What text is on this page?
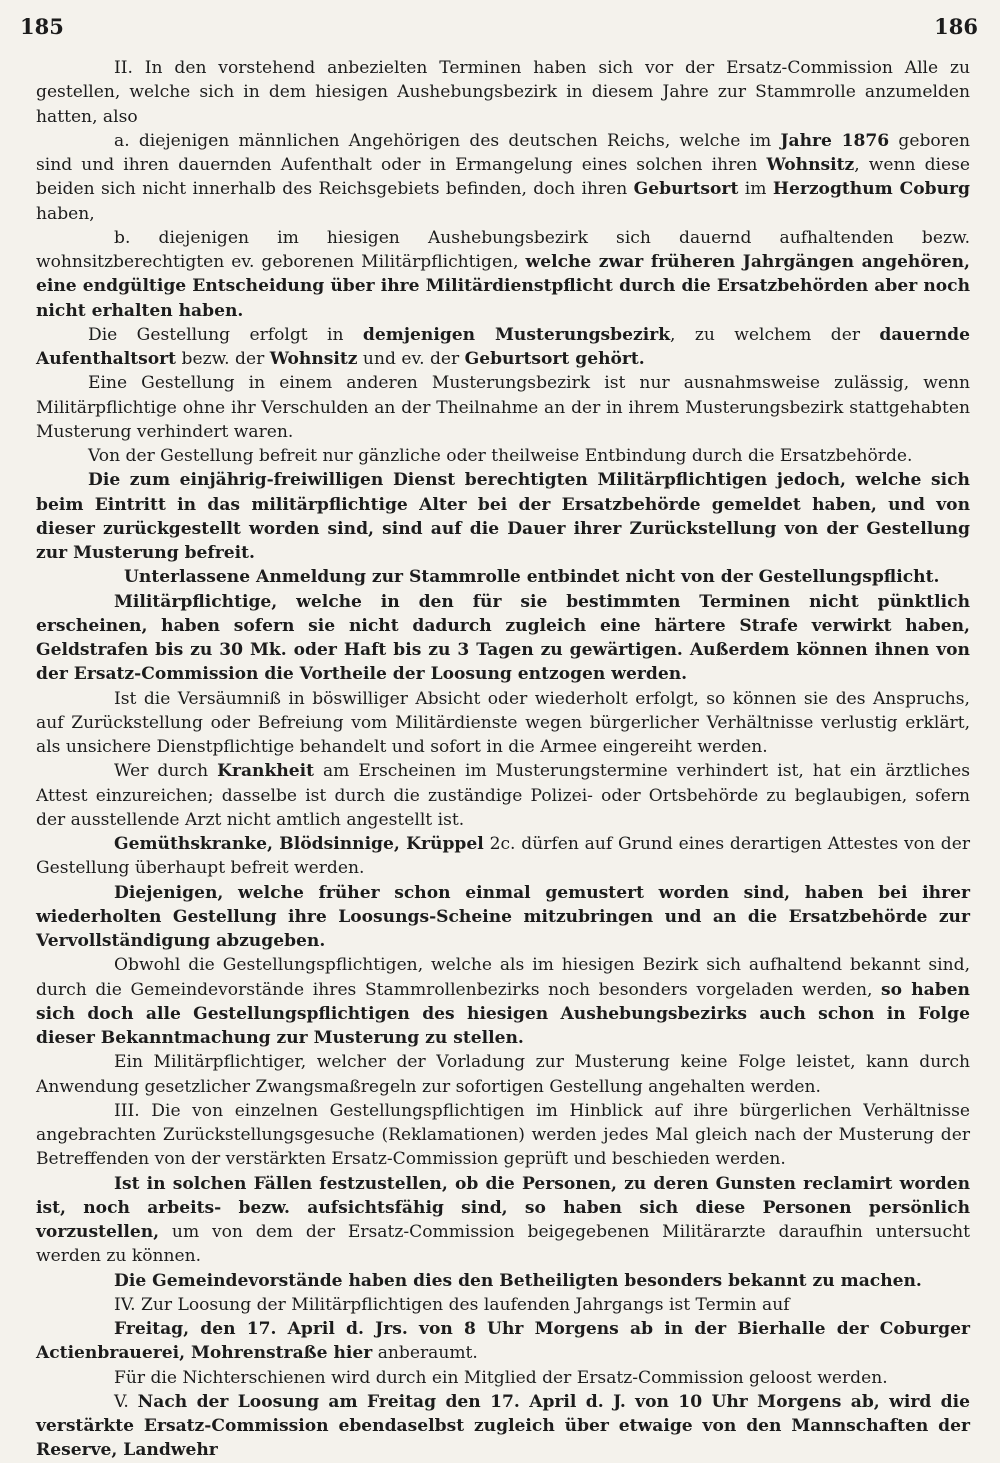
185	186

II. In den vorstehend anbezielten Terminen haben sich vor der Ersatz-Commission Alle zu gestellen, welche sich in dem hiesigen Aushebungsbezirk in diesem Jahre zur Stammrolle anzumelden hatten, also

a. diejenigen männlichen Angehörigen des deutschen Reichs, welche im Jahre 1876 geboren sind und ihren dauernden Aufenthalt oder in Ermangelung eines solchen ihren Wohnsitz, wenn diese beiden sich nicht innerhalb des Reichsgebiets befinden, doch ihren Geburtsort im Herzogthum Coburg haben,

b. diejenigen im hiesigen Aushebungsbezirk sich dauernd aufhaltenden bezw. wohnsitzberechtigten ev. geborenen Militärpflichtigen, welche zwar früheren Jahrgängen angehören, eine endgültige Entscheidung über ihre Militärdienstpflicht durch die Ersatzbehörden aber noch nicht erhalten haben.

Die Gestellung erfolgt in demjenigen Musterungsbezirk, zu welchem der dauernde Aufenthaltsort bezw. der Wohnsitz und ev. der Geburtsort gehört.

Eine Gestellung in einem anderen Musterungsbezirk ist nur ausnahmsweise zulässig, wenn Militärpflichtige ohne ihr Verschulden an der Theilnahme an der in ihrem Musterungsbezirk stattgehabten Musterung verhindert waren.

Von der Gestellung befreit nur gänzliche oder theilweise Entbindung durch die Ersatzbehörde.

Die zum einjährig-freiwilligen Dienst berechtigten Militärpflichtigen jedoch, welche sich beim Eintritt in das militärpflichtige Alter bei der Ersatzbehörde gemeldet haben, und von dieser zurückgestellt worden sind, sind auf die Dauer ihrer Zurückstellung von der Gestellung zur Musterung befreit.

Unterlassene Anmeldung zur Stammrolle entbindet nicht von der Gestellungspflicht.

Militärpflichtige, welche in den für sie bestimmten Terminen nicht pünktlich erscheinen, haben sofern sie nicht dadurch zugleich eine härtere Strafe verwirkt haben, Geldstrafen bis zu 30 Mk. oder Haft bis zu 3 Tagen zu gewärtigen. Außerdem können ihnen von der Ersatz-Commission die Vortheile der Loosung entzogen werden.

Ist die Versäumniß in böswilliger Absicht oder wiederholt erfolgt, so können sie des Anspruchs, auf Zurückstellung oder Befreiung vom Militärdienste wegen bürgerlicher Verhältnisse verlustig erklärt, als unsichere Dienstpflichtige behandelt und sofort in die Armee eingereiht werden.

Wer durch Krankheit am Erscheinen im Musterungstermine verhindert ist, hat ein ärztliches Attest einzureichen; dasselbe ist durch die zuständige Polizei- oder Ortsbehörde zu beglaubigen, sofern der ausstellende Arzt nicht amtlich angestellt ist.

Gemüthskranke, Blödsinnige, Krüppel 2c. dürfen auf Grund eines derartigen Attestes von der Gestellung überhaupt befreit werden.

Diejenigen, welche früher schon einmal gemustert worden sind, haben bei ihrer wiederholten Gestellung ihre Loosungs-Scheine mitzubringen und an die Ersatzbehörde zur Vervollständigung abzugeben.

Obwohl die Gestellungspflichtigen, welche als im hiesigen Bezirk sich aufhaltend bekannt sind, durch die Gemeindevorstände ihres Stammrollenbezirks noch besonders vorgeladen werden, so haben sich doch alle Gestellungspflichtigen des hiesigen Aushebungsbezirks auch schon in Folge dieser Bekanntmachung zur Musterung zu stellen.

Ein Militärpflichtiger, welcher der Vorladung zur Musterung keine Folge leistet, kann durch Anwendung gesetzlicher Zwangsmaßregeln zur sofortigen Gestellung angehalten werden.

III. Die von einzelnen Gestellungspflichtigen im Hinblick auf ihre bürgerlichen Verhältnisse angebrachten Zurückstellungsgesuche (Reklamationen) werden jedes Mal gleich nach der Musterung der Betreffenden von der verstärkten Ersatz-Commission geprüft und beschieden werden.

Ist in solchen Fällen festzustellen, ob die Personen, zu deren Gunsten reclamirt worden ist, noch arbeits- bezw. aufsichtsfähig sind, so haben sich diese Personen persönlich vorzustellen, um von dem der Ersatz-Commission beigegebenen Militärarzte daraufhin untersucht werden zu können.

Die Gemeindevorstände haben dies den Betheiligten besonders bekannt zu machen.

IV. Zur Loosung der Militärpflichtigen des laufenden Jahrgangs ist Termin auf

Freitag, den 17. April d. Jrs. von 8 Uhr Morgens ab in der Bierhalle der Coburger Actienbrauerei, Mohrenstraße hier anberaumt.

Für die Nichterschienen wird durch ein Mitglied der Ersatz-Commission geloost werden.

V. Nach der Loosung am Freitag den 17. April d. J. von 10 Uhr Morgens ab, wird die verstärkte Ersatz-Commission ebendaselbst zugleich über etwaige von den Mannschaften der Reserve, Landwehr
